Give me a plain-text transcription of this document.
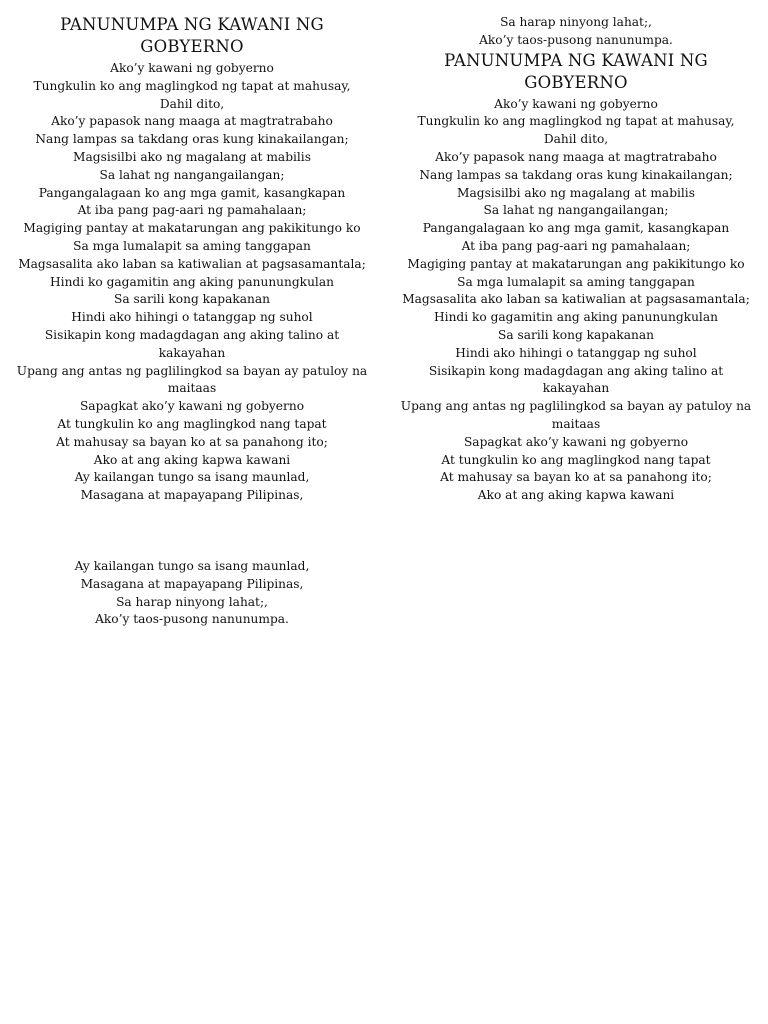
PANUNUMPA NG KAWANI NG
GOBYERNO
Ako’y kawani ng gobyerno
Tungkulin ko ang maglingkod ng tapat at mahusay,
Dahil dito,
Ako’y papasok nang maaga at magtratrabaho
Nang lampas sa takdang oras kung kinakailangan;
Magsisilbi ako ng magalang at mabilis
Sa lahat ng nangangailangan;
Pangangalagaan ko ang mga gamit, kasangkapan
At iba pang pag-aari ng pamahalaan;
Magiging pantay at makatarungan ang pakikitungo ko
Sa mga lumalapit sa aming tanggapan
Magsasalita ako laban sa katiwalian at pagsasamantala;
Hindi ko gagamitin ang aking panunungkulan
Sa sarili kong kapakanan
Hindi ako hihingi o tatanggap ng suhol
Sisikapin kong madagdagan ang aking talino at
kakayahan
Upang ang antas ng paglilingkod sa bayan ay patuloy na
maitaas
Sapagkat ako’y kawani ng gobyerno
At tungkulin ko ang maglingkod nang tapat
At mahusay sa bayan ko at sa panahong ito;
Ako at ang aking kapwa kawani
Ay kailangan tungo sa isang maunlad,
Masagana at mapayapang Pilipinas,
Ay kailangan tungo sa isang maunlad,
Masagana at mapayapang Pilipinas,
Sa harap ninyong lahat;,
Ako’y taos-pusong nanunumpa.
Sa harap ninyong lahat;,
Ako’y taos-pusong nanunumpa.
PANUNUMPA NG KAWANI NG
GOBYERNO
Ako’y kawani ng gobyerno
Tungkulin ko ang maglingkod ng tapat at mahusay,
Dahil dito,
Ako’y papasok nang maaga at magtratrabaho
Nang lampas sa takdang oras kung kinakailangan;
Magsisilbi ako ng magalang at mabilis
Sa lahat ng nangangailangan;
Pangangalagaan ko ang mga gamit, kasangkapan
At iba pang pag-aari ng pamahalaan;
Magiging pantay at makatarungan ang pakikitungo ko
Sa mga lumalapit sa aming tanggapan
Magsasalita ako laban sa katiwalian at pagsasamantala;
Hindi ko gagamitin ang aking panunungkulan
Sa sarili kong kapakanan
Hindi ako hihingi o tatanggap ng suhol
Sisikapin kong madagdagan ang aking talino at
kakayahan
Upang ang antas ng paglilingkod sa bayan ay patuloy na
maitaas
Sapagkat ako’y kawani ng gobyerno
At tungkulin ko ang maglingkod nang tapat
At mahusay sa bayan ko at sa panahong ito;
Ako at ang aking kapwa kawani
